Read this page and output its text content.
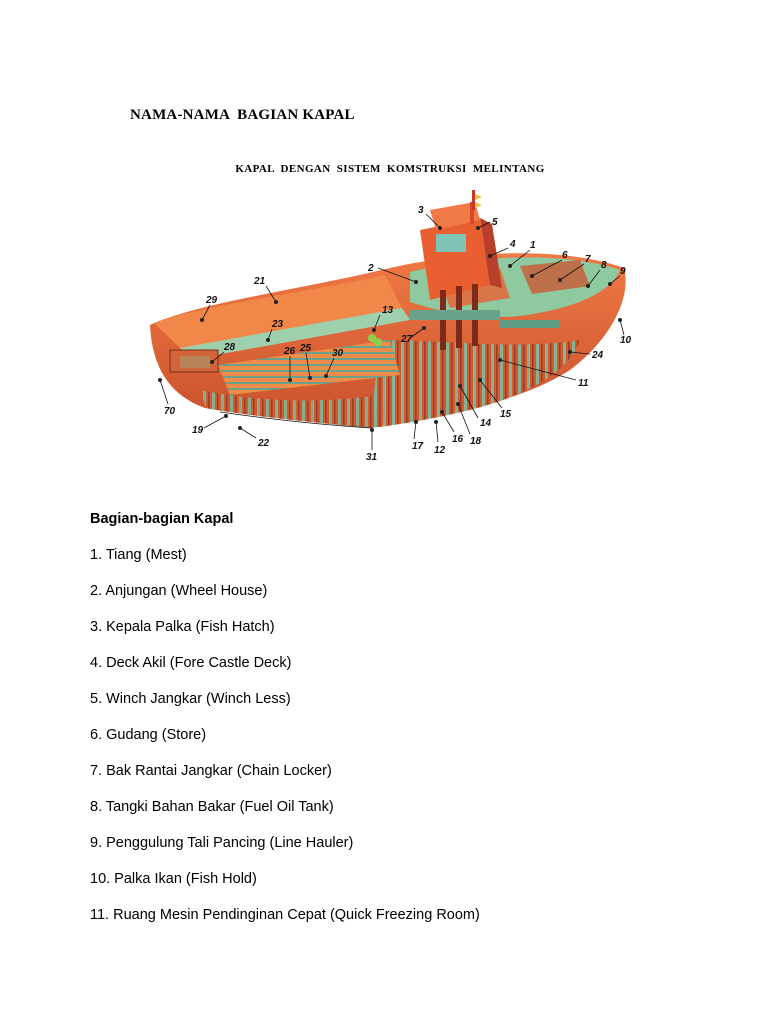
NAMA-NAMA  BAGIAN KAPAL
KAPAL DENGAN SISTEM KOMSTRUKSI MELINTANG
3
5
4 1
6 7
8
9
2
21
29
13
23
27	10
28	26 25 30	24
11
70	15
14
19
18
16
12
17
22
31
Bagian-bagian Kapal
1. Tiang (Mest)
2. Anjungan (Wheel House)
3. Kepala Palka (Fish Hatch)
4. Deck Akil (Fore Castle Deck)
5. Winch Jangkar (Winch Less)
6. Gudang (Store)
7. Bak Rantai Jangkar (Chain Locker)
8. Tangki Bahan Bakar (Fuel Oil Tank)
9. Penggulung Tali Pancing (Line Hauler)
10. Palka Ikan (Fish Hold)
11. Ruang Mesin Pendinginan Cepat (Quick Freezing Room)
